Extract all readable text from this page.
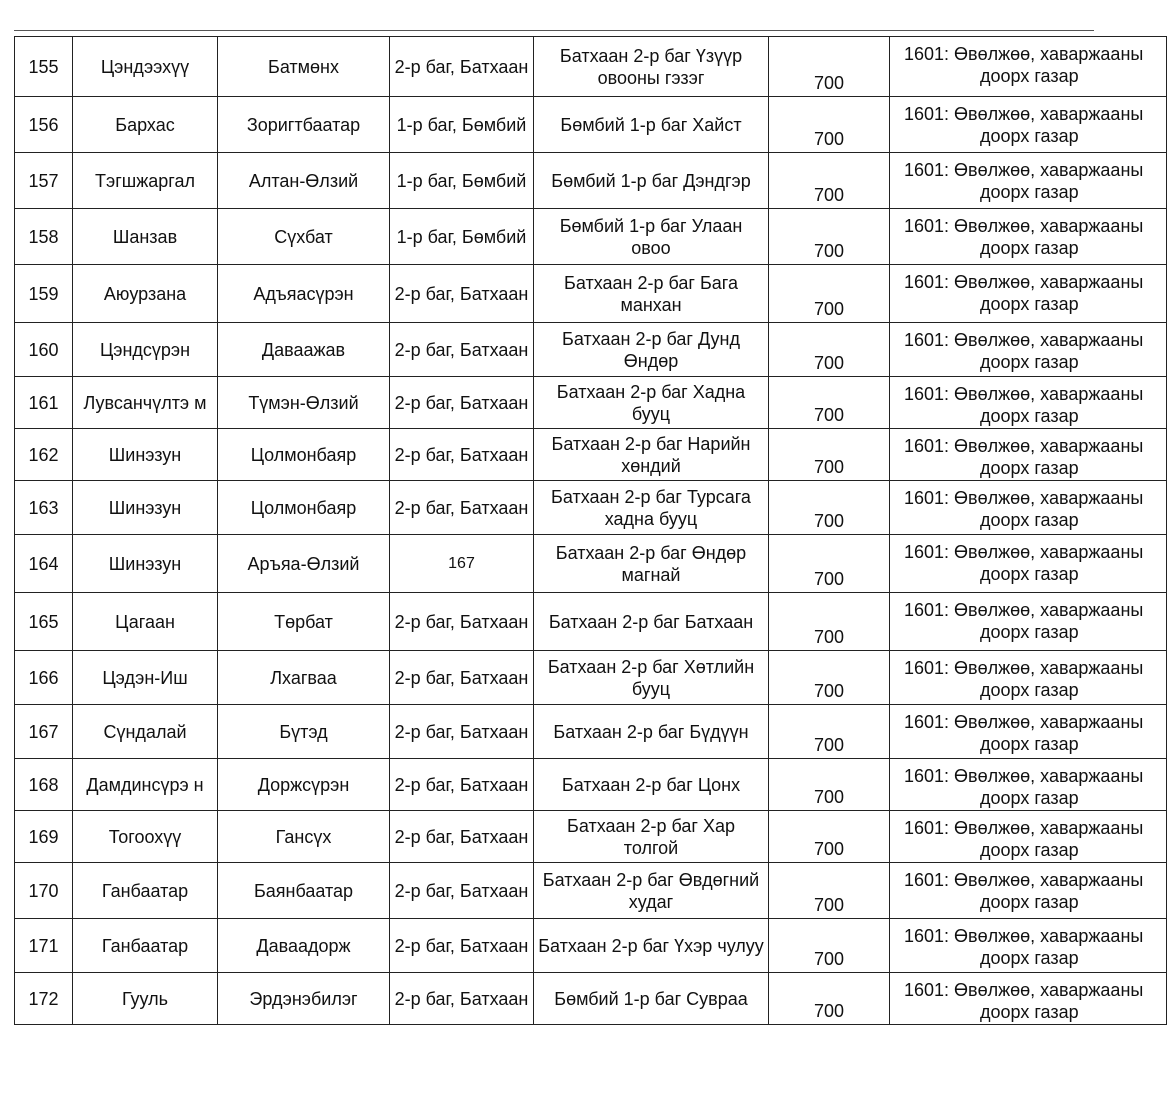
155	Цэндээхүү	Батмөнх	2-р баг, Батхаан	Батхаан 2-р баг Үзүүр овооны гэзэг	700	1601: Өвөлжөө, хаваржааны
доорх газар

156	Бархас	Зоригтбаатар	1-р баг, Бөмбий	Бөмбий 1-р баг Хайст	700	1601: Өвөлжөө, хаваржааны
доорх газар

157	Тэгшжаргал	Алтан-Өлзий	1-р баг, Бөмбий	Бөмбий 1-р баг Дэндгэр	700	1601: Өвөлжөө, хаваржааны
доорх газар

158	Шанзав	Сүхбат	1-р баг, Бөмбий	Бөмбий 1-р баг Улаан овоо	700	1601: Өвөлжөө, хаваржааны
доорх газар

159	Аюурзана	Адъяасүрэн	2-р баг, Батхаан	Батхаан 2-р баг Бага манхан	700	1601: Өвөлжөө, хаваржааны
доорх газар

160	Цэндсүрэн	Даваажав	2-р баг, Батхаан	Батхаан 2-р баг Дунд Өндөр	700	1601: Өвөлжөө, хаваржааны
доорх газар

161	Лувсанчүлтэ м	Түмэн-Өлзий	2-р баг, Батхаан	Батхаан 2-р баг Хадна бууц	700	1601: Өвөлжөө, хаваржааны
доорх газар

162	Шинэзун	Цолмонбаяр	2-р баг, Батхаан	Батхаан 2-р баг Нарийн хөндий	700	1601: Өвөлжөө, хаваржааны
доорх газар

163	Шинэзун	Цолмонбаяр	2-р баг, Батхаан	Батхаан 2-р баг Турсага хадна бууц	700	1601: Өвөлжөө, хаваржааны
доорх газар

164	Шинэзун	Аръяа-Өлзий	167	Батхаан 2-р баг Өндөр магнай	700	1601: Өвөлжөө, хаваржааны
доорх газар

165	Цагаан	Төрбат	2-р баг, Батхаан	Батхаан 2-р баг Батхаан	700	1601: Өвөлжөө, хаваржааны
доорх газар

166	Цэдэн-Иш	Лхагваа	2-р баг, Батхаан	Батхаан 2-р баг Хөтлийн бууц	700	1601: Өвөлжөө, хаваржааны
доорх газар

167	Сүндалай	Бүтэд	2-р баг, Батхаан	Батхаан 2-р баг Бүдүүн	700	1601: Өвөлжөө, хаваржааны
доорх газар

168	Дамдинсүрэ н	Доржсүрэн	2-р баг, Батхаан	Батхаан 2-р баг Цонх	700	1601: Өвөлжөө, хаваржааны
доорх газар

169	Тогоохүү	Гансүх	2-р баг, Батхаан	Батхаан 2-р баг Хар толгой	700	1601: Өвөлжөө, хаваржааны
доорх газар

170	Ганбаатар	Баянбаатар	2-р баг, Батхаан	Батхаан 2-р баг Өвдөгний худаг	700	1601: Өвөлжөө, хаваржааны
доорх газар

171	Ганбаатар	Даваадорж	2-р баг, Батхаан	Батхаан 2-р баг Үхэр чулуу	700	1601: Өвөлжөө, хаваржааны
доорх газар

172	Гууль	Эрдэнэбилэг	2-р баг, Батхаан	Бөмбий 1-р баг Сувраа	700	1601: Өвөлжөө, хаваржааны
доорх газар
